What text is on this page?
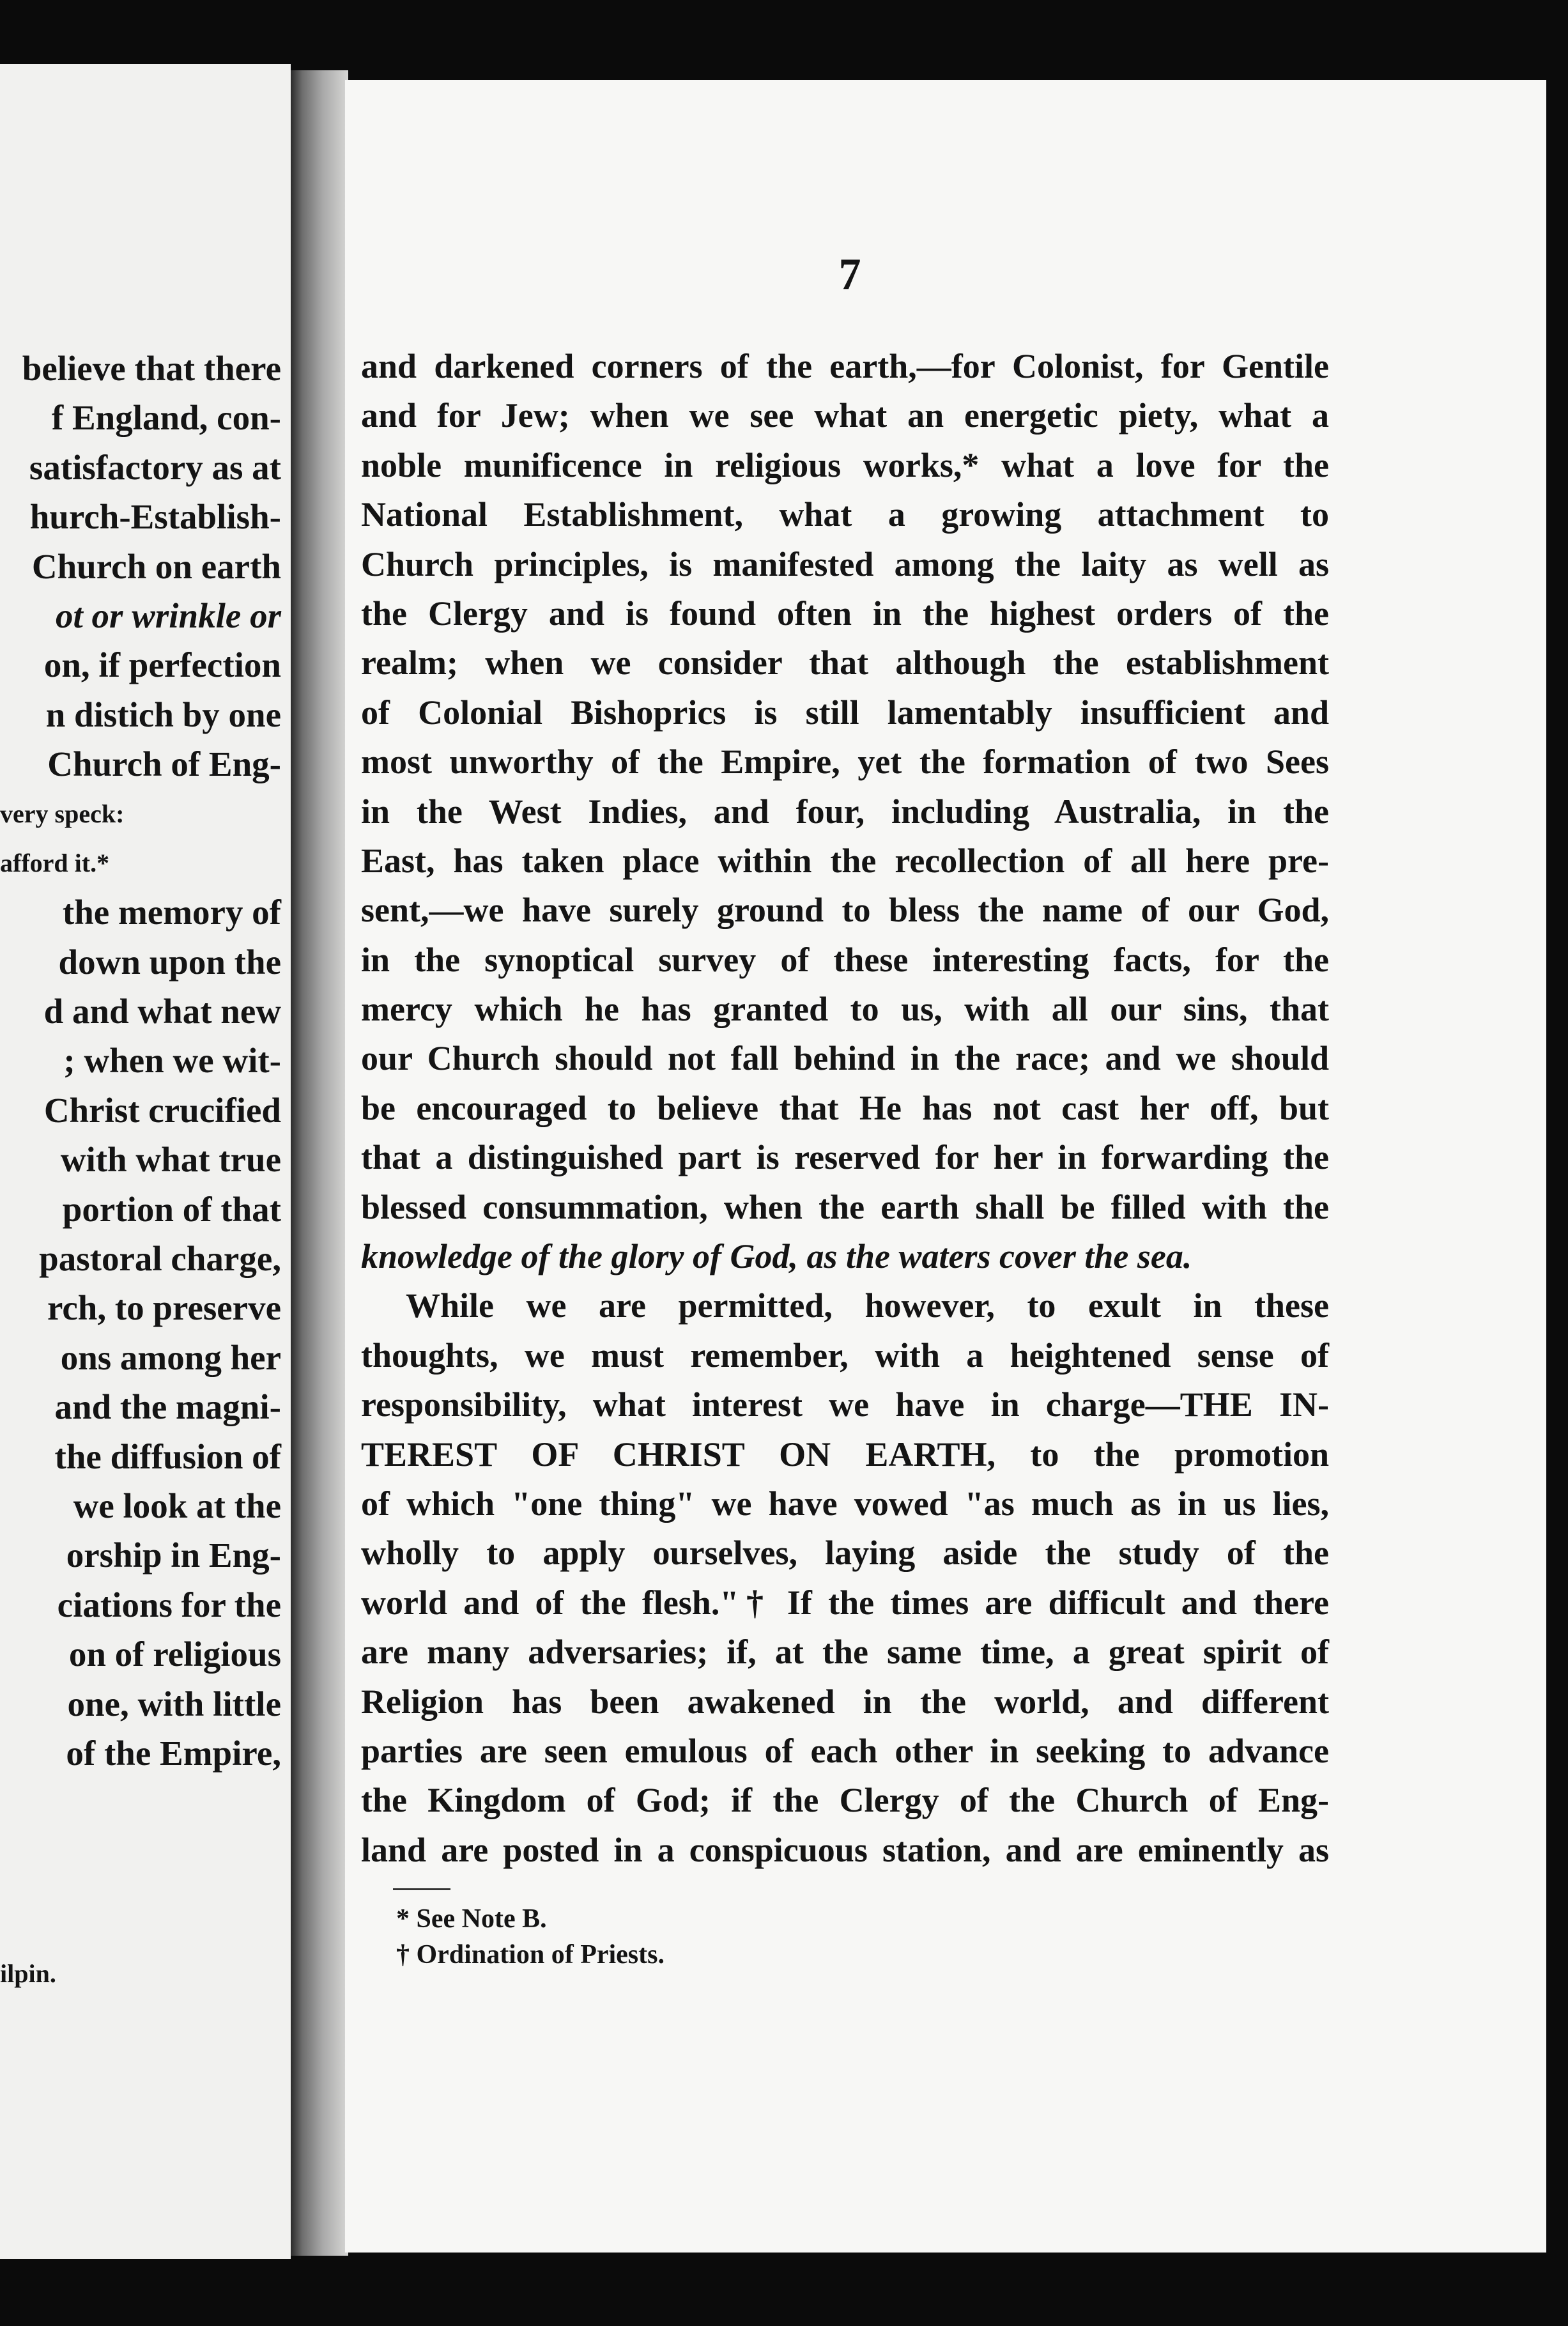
believe that there
f England, con-
satisfactory as at
hurch-Establish-
Church on earth
ot or wrinkle or
on, if perfection
n distich by one
Church of Eng-
very speck:
afford it.*
the memory of
down upon the
d and what new
; when we wit-
Christ crucified
with what true
portion of that
pastoral charge,
rch, to preserve
ons among her
and the magni-
the diffusion of
we look at the
orship in Eng-
ciations for the
on of religious
one, with little
of the Empire,
ilpin.
7
and darkened corners of the earth,—for Colonist, for Gentile
and for Jew; when we see what an energetic piety, what a
noble munificence in religious works,* what a love for the
National Establishment, what a growing attachment to
Church principles, is manifested among the laity as well as
the Clergy and is found often in the highest orders of the
realm; when we consider that although the establishment
of Colonial Bishoprics is still lamentably insufficient and
most unworthy of the Empire, yet the formation of two Sees
in the West Indies, and four, including Australia, in the
East, has taken place within the recollection of all here pre-
sent,—we have surely ground to bless the name of our God,
in the synoptical survey of these interesting facts, for the
mercy which he has granted to us, with all our sins, that
our Church should not fall behind in the race; and we should
be encouraged to believe that He has not cast her off, but
that a distinguished part is reserved for her in forwarding the
blessed consummation, when the earth shall be filled with the
knowledge of the glory of God, as the waters cover the sea.
While we are permitted, however, to exult in these
thoughts, we must remember, with a heightened sense of
responsibility, what interest we have in charge—THE IN-
TEREST OF CHRIST ON EARTH, to the promotion
of which "one thing" we have vowed "as much as in us lies,
wholly to apply ourselves, laying aside the study of the
world and of the flesh."† If the times are difficult and there
are many adversaries; if, at the same time, a great spirit of
Religion has been awakened in the world, and different
parties are seen emulous of each other in seeking to advance
the Kingdom of God; if the Clergy of the Church of Eng-
land are posted in a conspicuous station, and are eminently as
* See Note B.
† Ordination of Priests.
